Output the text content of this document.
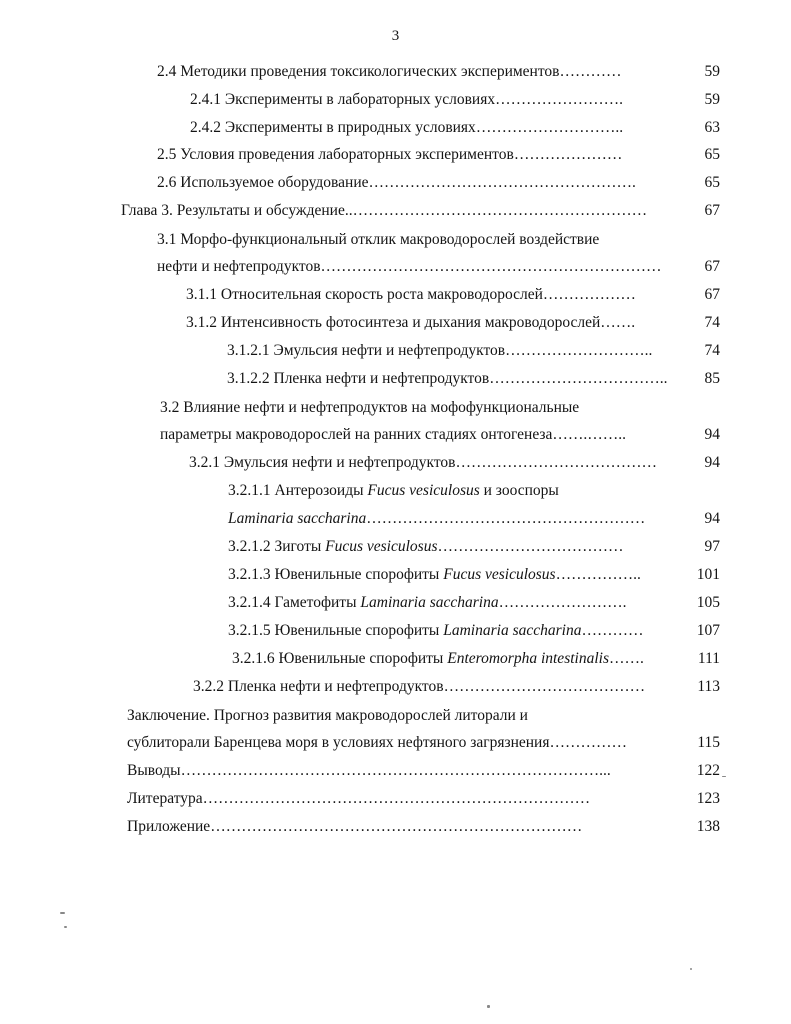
3
2.4 Методики проведения токсикологических экспериментов…………	59
2.4.1 Эксперименты в лабораторных условиях…………………….	59
2.4.2 Эксперименты в природных условиях………………………..	63
2.5 Условия проведения лабораторных экспериментов…………………	65
2.6 Используемое оборудование…………………………………………….	65
Глава 3. Результаты и обсуждение..…………………………………………………	67
3.1 Морфо-функциональный отклик макроводорослей воздействие
нефти и нефтепродуктов…………………………………………………………	67
3.1.1 Относительная скорость роста макроводорослей………………	67
3.1.2 Интенсивность фотосинтеза и дыхания макроводорослей…….	74
3.1.2.1 Эмульсия нефти и нефтепродуктов………………………..	74
3.1.2.2 Пленка нефти и нефтепродуктов……………………………..	85
3.2 Влияние нефти и нефтепродуктов на мофофункциональные
параметры макроводорослей на ранних стадиях онтогенеза…….……..	94
3.2.1 Эмульсия нефти и нефтепродуктов…………………………………	94
3.2.1.1 Антерозоиды Fucus vesiculosus и зооспоры
Laminaria saccharina………………………………………………	94
3.2.1.2 Зиготы Fucus vesiculosus………………………………	97
3.2.1.3 Ювенильные спорофиты Fucus vesiculosus……………..	101
3.2.1.4 Гаметофиты Laminaria saccharina…………………….	105
3.2.1.5 Ювенильные спорофиты Laminaria saccharina…………	107
3.2.1.6 Ювенильные спорофиты Enteromorpha intestinalis…….	111
3.2.2 Пленка нефти и нефтепродуктов…………………………………	113
Заключение. Прогноз развития макроводорослей литорали и
сублиторали Баренцева моря в условиях нефтяного загрязнения……………	115
Выводы………………………………………………………………………...	122
Литература…………………………………………………………………	123
Приложение………………………………………………………………	138
